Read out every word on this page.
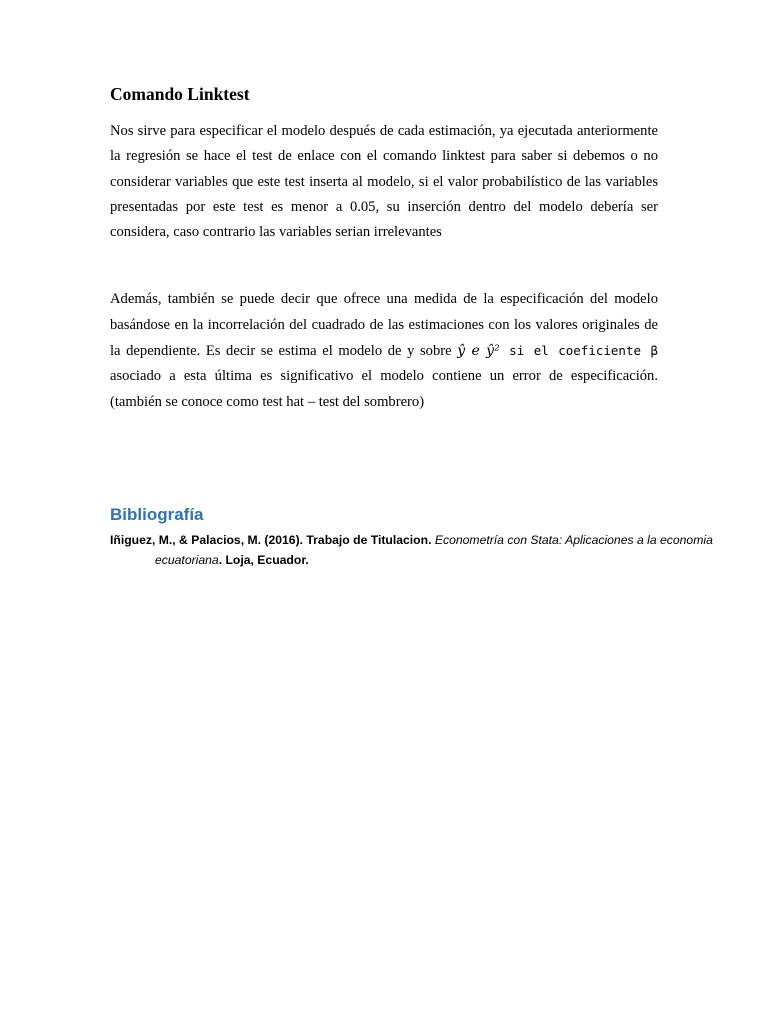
Comando Linktest

Nos sirve para especificar el modelo después de cada estimación, ya ejecutada anteriormente la regresión se hace el test de enlace con el comando linktest para saber si debemos o no considerar variables que este test inserta al modelo, si el valor probabilístico de las variables presentadas por este test es menor a 0.05, su inserción dentro del modelo debería ser considera, caso contrario las variables serian irrelevantes

Además, también se puede decir que ofrece una medida de la especificación del modelo basándose en la incorrelación del cuadrado de las estimaciones con los valores originales de la dependiente. Es decir se estima el modelo de y sobre ŷ e ŷ² si el coeficiente β asociado a esta última es significativo el modelo contiene un error de especificación. (también se conoce como test hat – test del sombrero)

Bibliografía

Iñiguez, M., & Palacios, M. (2016). Trabajo de Titulacion. Econometría con Stata: Aplicaciones a la economia ecuatoriana. Loja, Ecuador.
